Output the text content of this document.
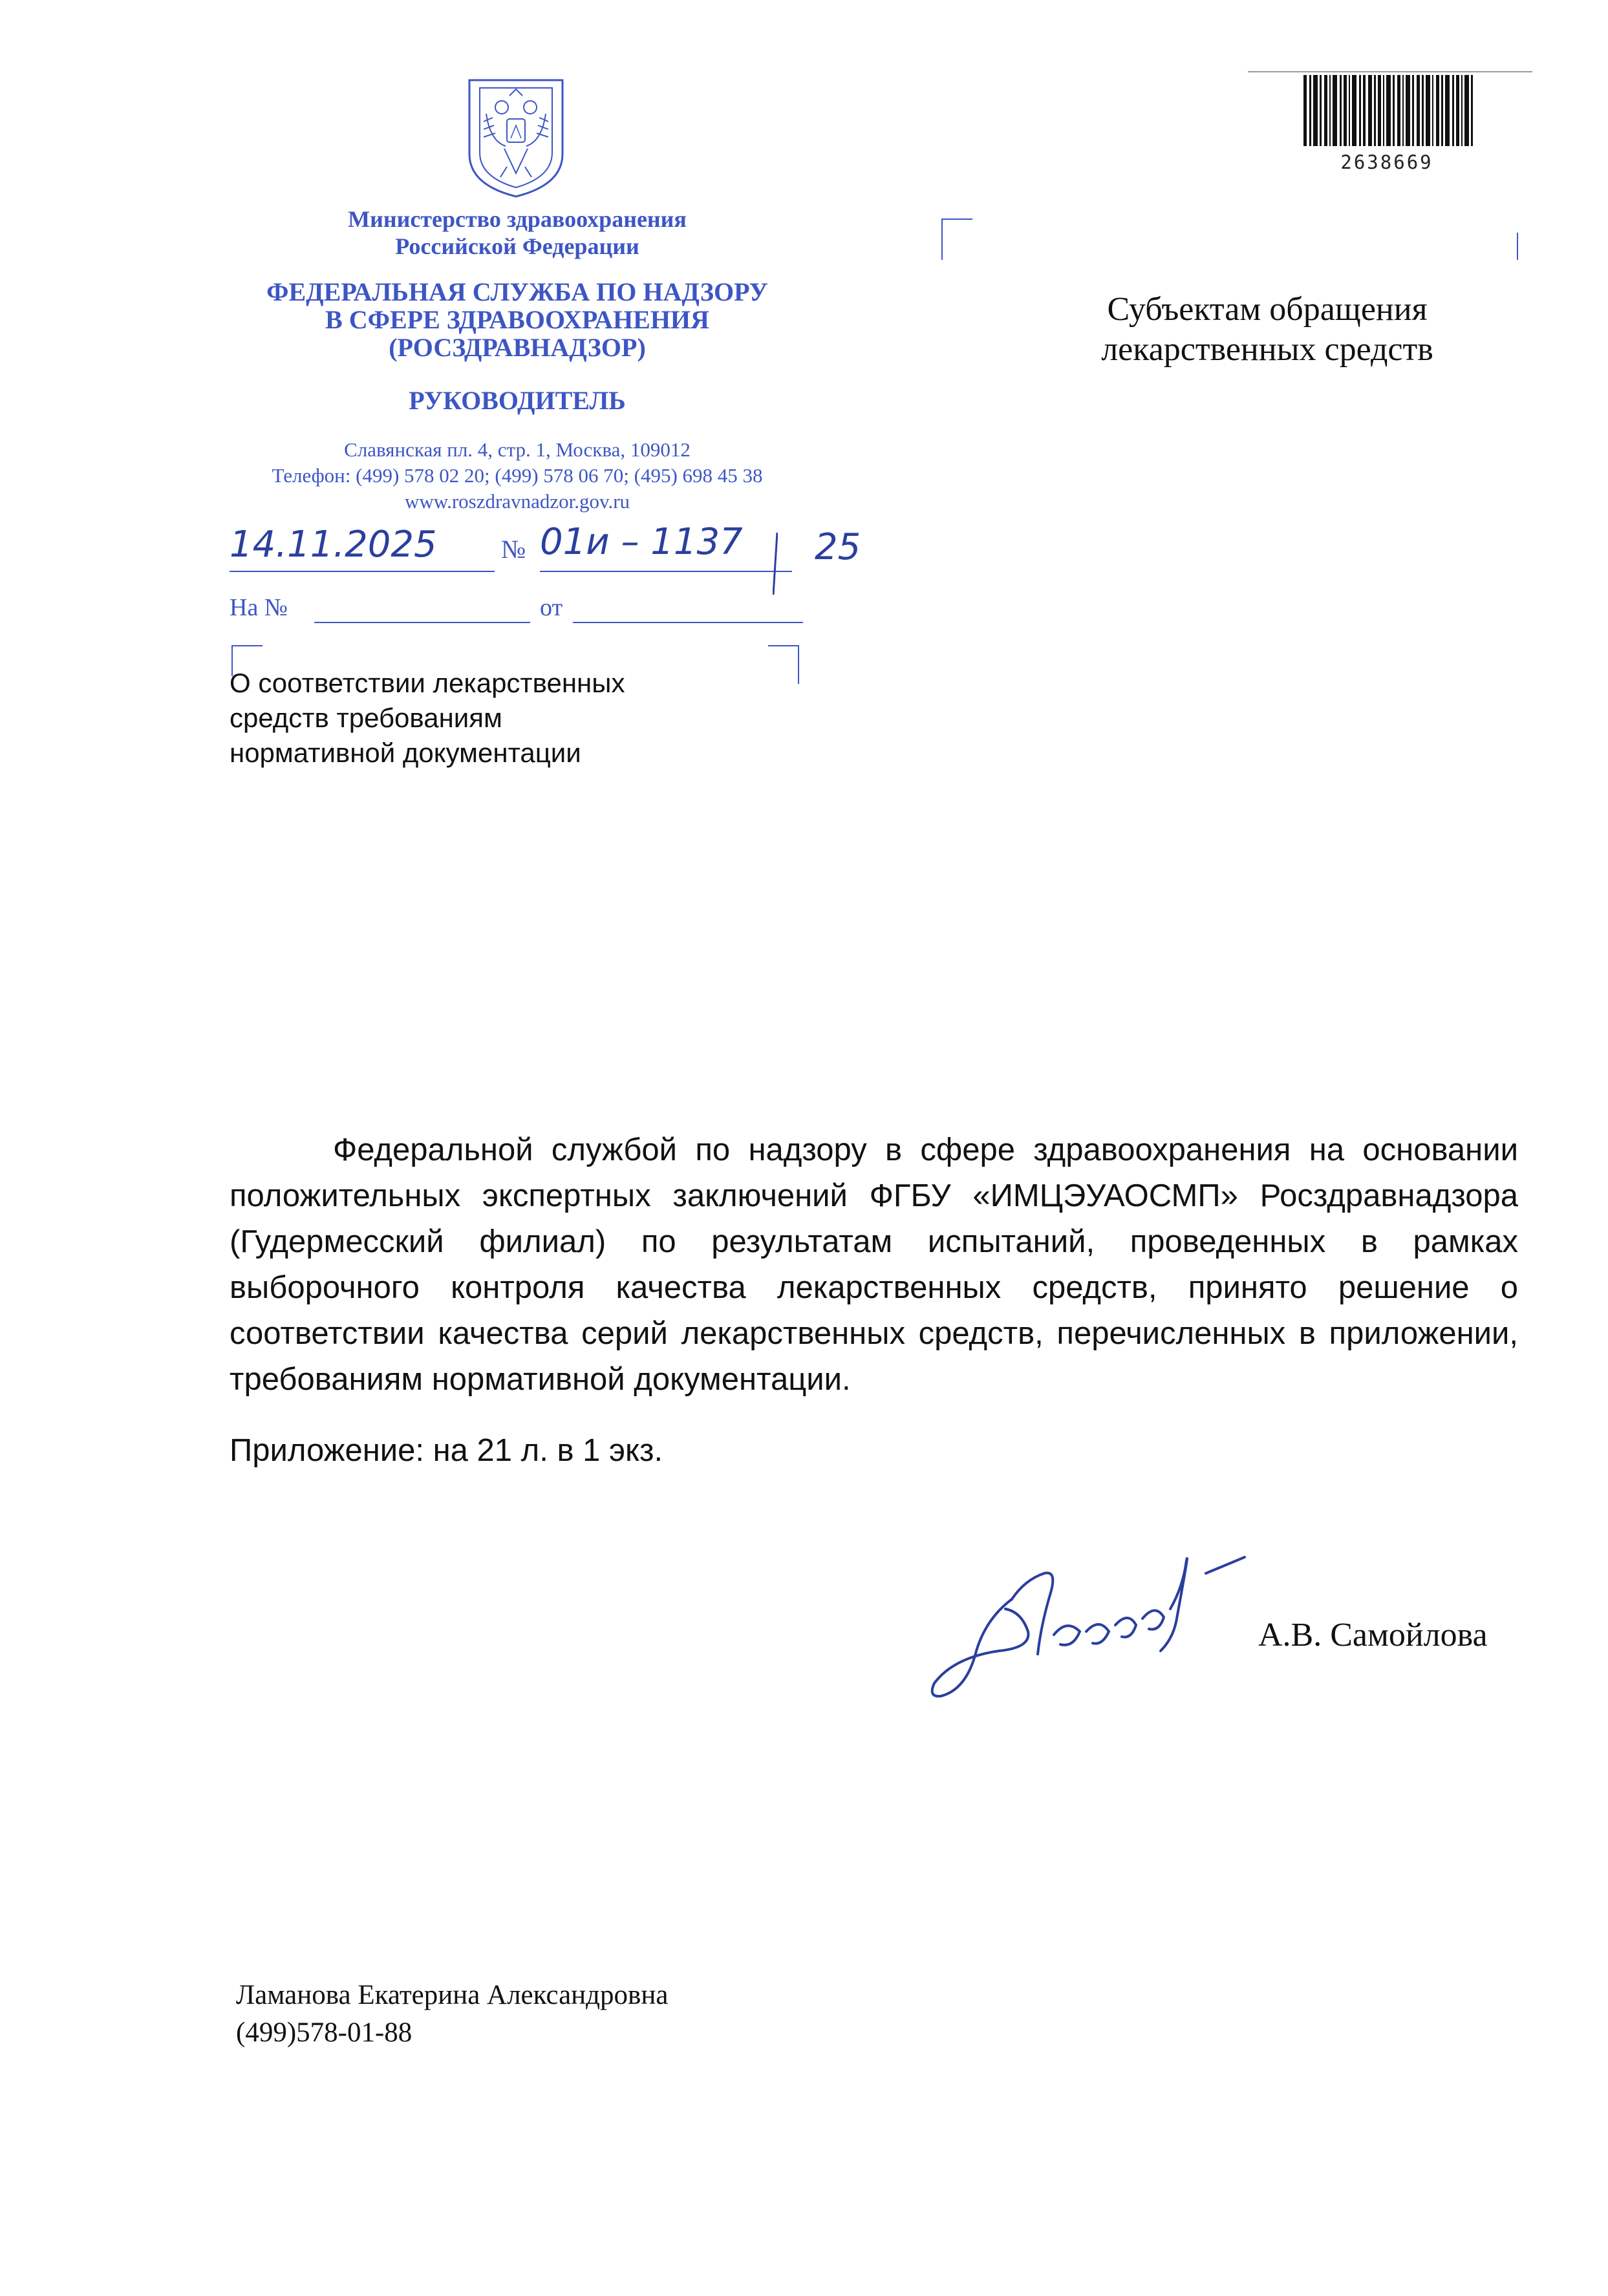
Министерство здравоохранения
Российской Федерации
ФЕДЕРАЛЬНАЯ СЛУЖБА ПО НАДЗОРУ
В СФЕРЕ ЗДРАВООХРАНЕНИЯ
(РОСЗДРАВНАДЗОР)
РУКОВОДИТЕЛЬ
Славянская пл. 4, стр. 1, Москва, 109012
Телефон: (499) 578 02 20; (499) 578 06 70; (495) 698 45 38
www.roszdravnadzor.gov.ru
14.11.2025 № 01и – 1137 25
На №	от
2638669
Субъектам обращения
лекарственных средств
О соответствии лекарственных
средств требованиям
нормативной документации
Федеральной службой по надзору в сфере здравоохранения на основании положительных экспертных заключений ФГБУ «ИМЦЭУАОСМП» Росздравнадзора (Гудермесский филиал) по результатам испытаний, проведенных в рамках выборочного контроля качества лекарственных средств, принято решение о соответствии качества серий лекарственных средств, перечисленных в приложении, требованиям нормативной документации.
Приложение: на 21 л. в 1 экз.
А.В. Самойлова
Ламанова Екатерина Александровна
(499)578-01-88
